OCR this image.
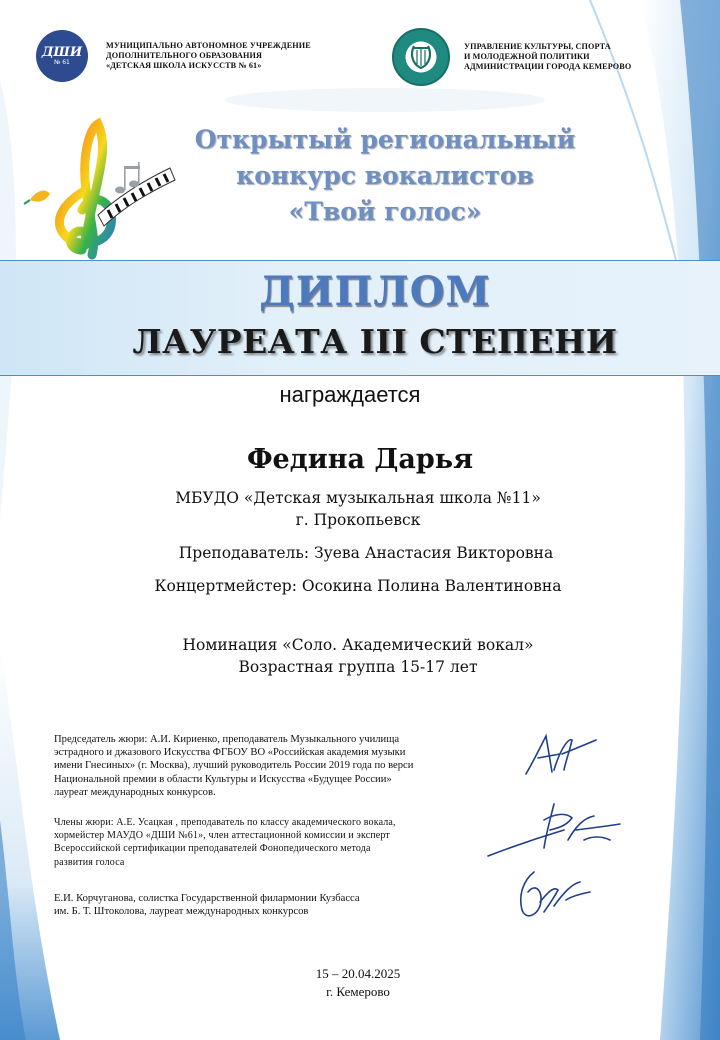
ДШИ
№ 61
МУНИЦИПАЛЬНО АВТОНОМНОЕ УЧРЕЖДЕНИЕ
ДОПОЛНИТЕЛЬНОГО ОБРАЗОВАНИЯ
«ДЕТСКАЯ ШКОЛА ИСКУССТВ № 61»
УПРАВЛЕНИЕ КУЛЬТУРЫ, СПОРТА
И МОЛОДЕЖНОЙ ПОЛИТИКИ
АДМИНИСТРАЦИИ ГОРОДА КЕМЕРОВО
Открытый региональный
конкурс вокалистов
«Твой голос»
ДИПЛОМ
ЛАУРЕАТА III СТЕПЕНИ
награждается
Федина Дарья
МБУДО «Детская музыкальная школа №11»
г. Прокопьевск
Преподаватель: Зуева Анастасия Викторовна
Концертмейстер: Осокина Полина Валентиновна
Номинация «Соло. Академический вокал»
Возрастная группа 15-17 лет
Председатель жюри: А.И. Кириенко, преподаватель Музыкального училища
эстрадного и джазового Искусства ФГБОУ ВО «Российская академия музыки
имени Гнесиных» (г. Москва), лучший руководитель России 2019 года по верси
Национальной премии в области Культуры и Искусства «Будущее России»
лауреат международных конкурсов.
Члены жюри: А.Е. Усацкая , преподаватель по классу академического вокала,
хормейстер МАУДО «ДШИ №61», член аттестационной комиссии и эксперт
Всероссийской сертификации преподавателей Фонопедического метода
развития голоса
Е.И. Корчуганова, солистка Государственной филармонии Кузбасса
им. Б. Т. Штоколова, лауреат международных конкурсов
15 – 20.04.2025
г. Кемерово
